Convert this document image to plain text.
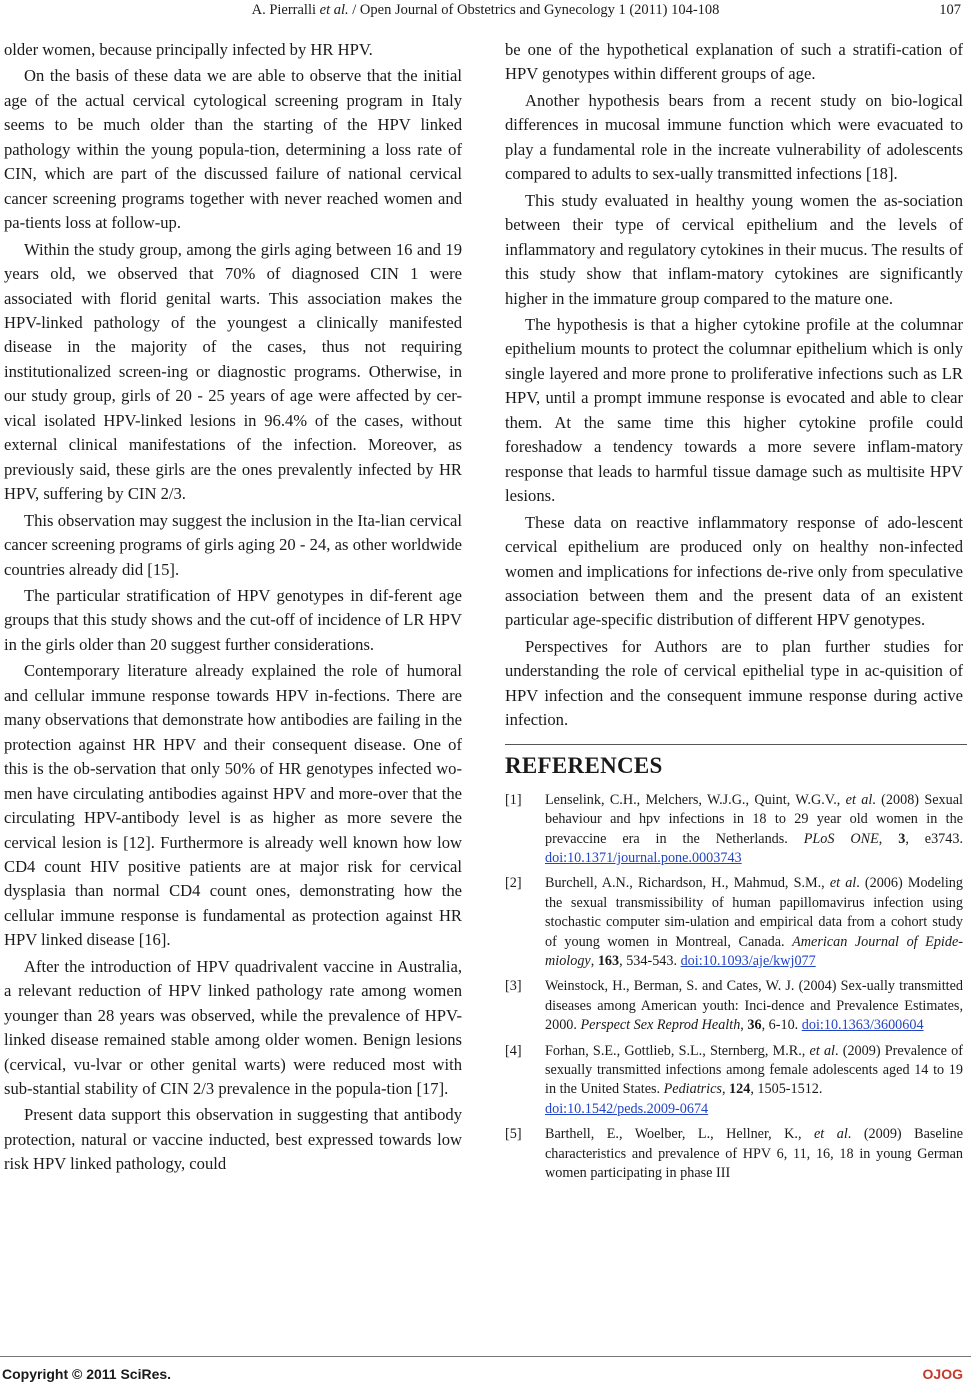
A. Pierralli et al. / Open Journal of Obstetrics and Gynecology 1 (2011) 104-108	107

older women, because principally infected by HR HPV.

On the basis of these data we are able to observe that the initial age of the actual cervical cytological screening program in Italy seems to be much older than the starting of the HPV linked pathology within the young popula-tion, determining a loss rate of CIN, which are part of the discussed failure of national cervical cancer screening programs together with never reached women and pa-tients loss at follow-up.

Within the study group, among the girls aging between 16 and 19 years old, we observed that 70% of diagnosed CIN 1 were associated with florid genital warts. This association makes the HPV-linked pathology of the youngest a clinically manifested disease in the majority of the cases, thus not requiring institutionalized screen-ing or diagnostic programs. Otherwise, in our study group, girls of 20 - 25 years of age were affected by cer-vical isolated HPV-linked lesions in 96.4% of the cases, without external clinical manifestations of the infection. Moreover, as previously said, these girls are the ones prevalently infected by HR HPV, suffering by CIN 2/3.

This observation may suggest the inclusion in the Ita-lian cervical cancer screening programs of girls aging 20 - 24, as other worldwide countries already did [15].

The particular stratification of HPV genotypes in dif-ferent age groups that this study shows and the cut-off of incidence of LR HPV in the girls older than 20 suggest further considerations.

Contemporary literature already explained the role of humoral and cellular immune response towards HPV in-fections. There are many observations that demonstrate how antibodies are failing in the protection against HR HPV and their consequent disease. One of this is the ob-servation that only 50% of HR genotypes infected wo-men have circulating antibodies against HPV and more-over that the circulating HPV-antibody level is as higher as more severe the cervical lesion is [12]. Furthermore is already well known how low CD4 count HIV positive patients are at major risk for cervical dysplasia than normal CD4 count ones, demonstrating how the cellular immune response is fundamental as protection against HR HPV linked disease [16].

After the introduction of HPV quadrivalent vaccine in Australia, a relevant reduction of HPV linked pathology rate among women younger than 28 years was observed, while the prevalence of HPV-linked disease remained stable among older women. Benign lesions (cervical, vu-lvar or other genital warts) were reduced most with sub-stantial stability of CIN 2/3 prevalence in the popula-tion [17].

Present data support this observation in suggesting that antibody protection, natural or vaccine inducted, best expressed towards low risk HPV linked pathology, could

be one of the hypothetical explanation of such a stratifi-cation of HPV genotypes within different groups of age.

Another hypothesis bears from a recent study on bio-logical differences in mucosal immune function which were evacuated to play a fundamental role in the increate vulnerability of adolescents compared to adults to sex-ually transmitted infections [18].

This study evaluated in healthy young women the as-sociation between their type of cervical epithelium and the levels of inflammatory and regulatory cytokines in their mucus. The results of this study show that inflam-matory cytokines are significantly higher in the immature group compared to the mature one.

The hypothesis is that a higher cytokine profile at the columnar epithelium mounts to protect the columnar epithelium which is only single layered and more prone to proliferative infections such as LR HPV, until a prompt immune response is evocated and able to clear them. At the same time this higher cytokine profile could foreshadow a tendency towards a more severe inflam-matory response that leads to harmful tissue damage such as multisite HPV lesions.

These data on reactive inflammatory response of ado-lescent cervical epithelium are produced only on healthy non-infected women and implications for infections de-rive only from speculative association between them and the present data of an existent particular age-specific distribution of different HPV genotypes.

Perspectives for Authors are to plan further studies for understanding the role of cervical epithelial type in ac-quisition of HPV infection and the consequent immune response during active infection.

REFERENCES
[1]	Lenselink, C.H., Melchers, W.J.G., Quint, W.G.V., et al. (2008) Sexual behaviour and hpv infections in 18 to 29 year old women in the prevaccine era in the Netherlands. PLoS ONE, 3, e3743. doi:10.1371/journal.pone.0003743
[2]	Burchell, A.N., Richardson, H., Mahmud, S.M., et al. (2006) Modeling the sexual transmissibility of human papillomavirus infection using stochastic computer sim-ulation and empirical data from a cohort study of young women in Montreal, Canada. American Journal of Epide-miology, 163, 534-543. doi:10.1093/aje/kwj077
[3]	Weinstock, H., Berman, S. and Cates, W. J. (2004) Sex-ually transmitted diseases among American youth: Inci-dence and Prevalence Estimates, 2000. Perspect Sex Reprod Health, 36, 6-10. doi:10.1363/3600604
[4]	Forhan, S.E., Gottlieb, S.L., Sternberg, M.R., et al. (2009) Prevalence of sexually transmitted infections among female adolescents aged 14 to 19 in the United States. Pediatrics, 124, 1505-1512.
doi:10.1542/peds.2009-0674
[5]	Barthell, E., Woelber, L., Hellner, K., et al. (2009) Baseline characteristics and prevalence of HPV 6, 11, 16, 18 in young German women participating in phase III
Copyright © 2011 SciRes.	OJOG
